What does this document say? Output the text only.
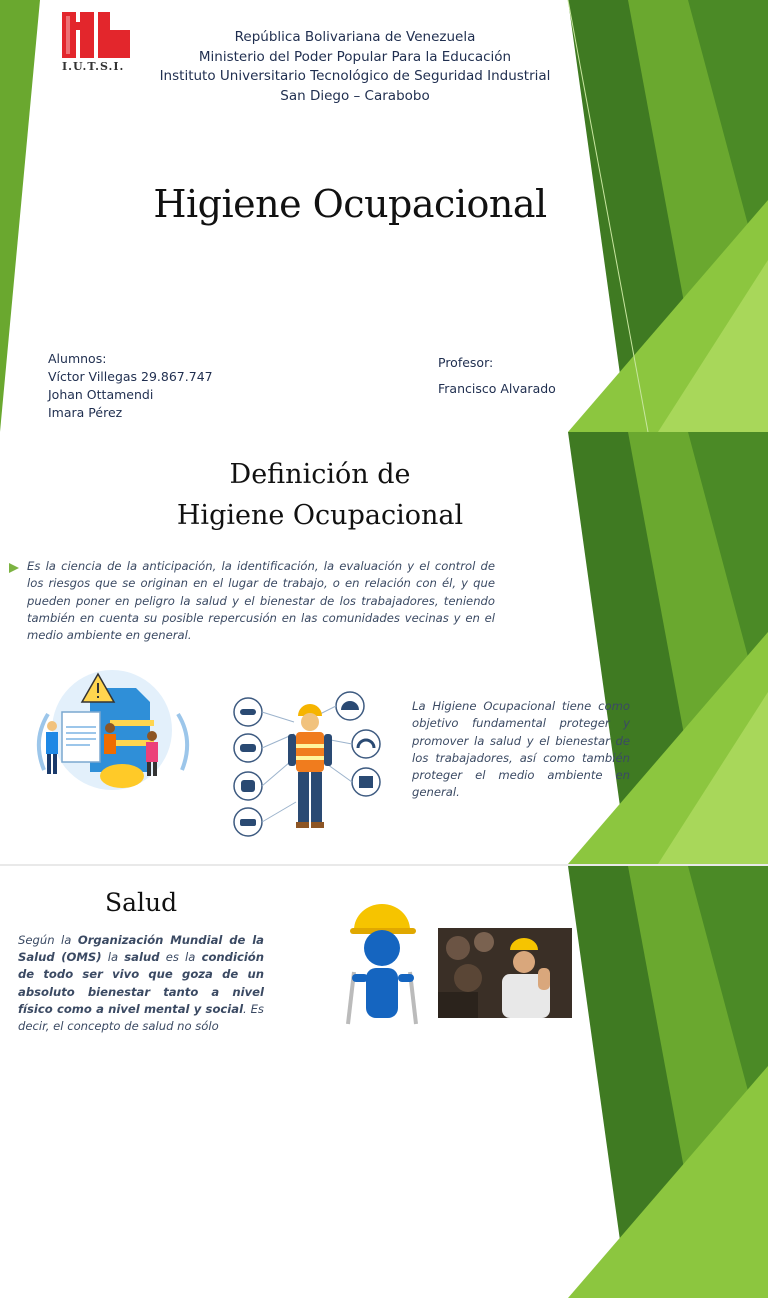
I.U.T.S.I.
República Bolivariana de Venezuela
Ministerio del Poder Popular Para la Educación
Instituto Universitario Tecnológico de Seguridad Industrial
San Diego – Carabobo
Higiene Ocupacional
Alumnos:
Víctor Villegas 29.867.747
Johan Ottamendi
Imara Pérez
Profesor:
Francisco Alvarado
Definición de
Higiene Ocupacional
Es la ciencia de la anticipación, la identificación, la evaluación y el control de los riesgos que se originan en el lugar de trabajo, o en relación con él, y que pueden poner en peligro la salud y el bienestar de los trabajadores, teniendo también en cuenta su posible repercusión en las comunidades vecinas y en el medio ambiente en general.
La Higiene Ocupacional tiene como objetivo fundamental proteger y promover la salud y el bienestar de los trabajadores, así como también proteger el medio ambiente en general.
Salud
Según la Organización Mundial de la Salud (OMS) la salud es la condición de todo ser vivo que goza de un absoluto bienestar tanto a nivel físico como a nivel mental y social. Es decir, el concepto de salud no sólo
